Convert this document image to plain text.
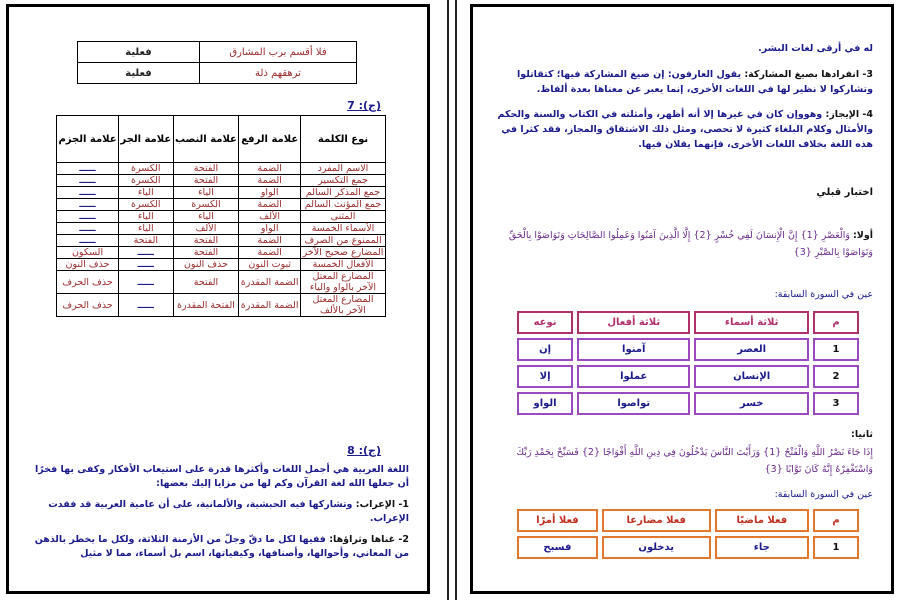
فلا أقسم برب المشارق	فعلية
ترهقهم ذلة	فعلية
(ج): 7
نوع الكلمة	علامة الرفع	علامة النصب	علامة الجر	علامة الجزم
الاسم المفرد	الضمة	الفتحة	الكسرة	ـــــ
جمع التكسير	الضمة	الفتحة	الكسرة	ـــــ
جمع المذكر السالم	الواو	الياء	الياء	ـــــ
جمع المؤنث السالم	الضمة	الكسرة	الكسرة	ـــــ
المثنى	الألف	الياء	الياء	ـــــ
الأسماء الخمسة	الواو	الألف	الياء	ـــــ
الممنوع من الصرف	الضمة	الفتحة	الفتحة	ـــــ
المضارع صحيح الآخر	الضمة	الفتحة	ـــــ	السكون
الأفعال الخمسة	ثبوت النون	حذف النون	ـــــ	حذف النون
المضارع المعتل الآخر بالواو والياء	الضمة المقدرة	الفتحة	ـــــ	حذف الحرف
المضارع المعتل الآخر بالألف	الضمة المقدرة	الفتحة المقدرة	ـــــ	حذف الحرف
(ج): 8
اللغة العربية هي أجمل اللغات وأكثرها قدرة على استيعاب الأفكار وكفى بها فخرًا أن جعلها الله لغة القرآن وكم لها من مزايا إليك بعضها:
1- الإعراب: وتشاركها فيه الحبشية، والألمانية، على أن عامية العربية قد فقدت الإعراب.
2- غناها وثراؤها: ففيها لكل ما دقّ وجلّ من الأزمنة الثلاثة، ولكل ما يخطر بالذهن من المعاني، وأحوالها، وأصنافها، وكيفياتها، اسم بل أسماء، مما لا مثيل
له في أرقى لغات البشر.
3- انفرادها بصيغ المشاركة: يقول العارفون: إن صيغ المشاركة فيها؛ كتقاتلوا وتشاركوا لا نظير لها في اللغات الأخرى، إنما يعبر عن معناها بعدة ألفاظ.
4- الإيجاز: وهووإن كان في غيرها إلا أنه أظهر، وأمثلته في الكتاب والسنة والحكم والأمثال وكلام البلغاء كثيرة لا تحصى، ومثل ذلك الاشتقاق والمجاز، فقد كثرا في هذه اللغة بخلاف اللغات الأخرى، فإنهما يقلان فيها.
اختبار قبلي
أولا: وَالْعَصْرِ {1} إِنَّ الْإِنسَانَ لَفِي خُسْرٍ {2} إِلَّا الَّذِينَ آمَنُوا وَعَمِلُوا الصَّالِحَاتِ وَتَوَاصَوْا بِالْحَقِّ وَتَوَاصَوْا بِالصَّبْرِ {3}
عين في السورة السابقة:
م	ثلاثة أسماء	ثلاثة أفعال	نوعه
1	العصر	آمنوا	إن
2	الإنسان	عملوا	إلا
3	خسر	تواصوا	الواو
ثانيا:
إِذَا جَاءَ نَصْرُ اللَّهِ وَالْفَتْحُ {1} وَرَأَيْتَ النَّاسَ يَدْخُلُونَ فِي دِينِ اللَّهِ أَفْوَاجًا {2} فَسَبِّحْ بِحَمْدِ رَبِّكَ وَاسْتَغْفِرْهُ إِنَّهُ كَانَ تَوَّابًا {3}
عين في السورة السابقة:
م	فعلا ماضيًا	فعلا مضارعا	فعلا أمرًا
1	جاء	يدخلون	فسبح
